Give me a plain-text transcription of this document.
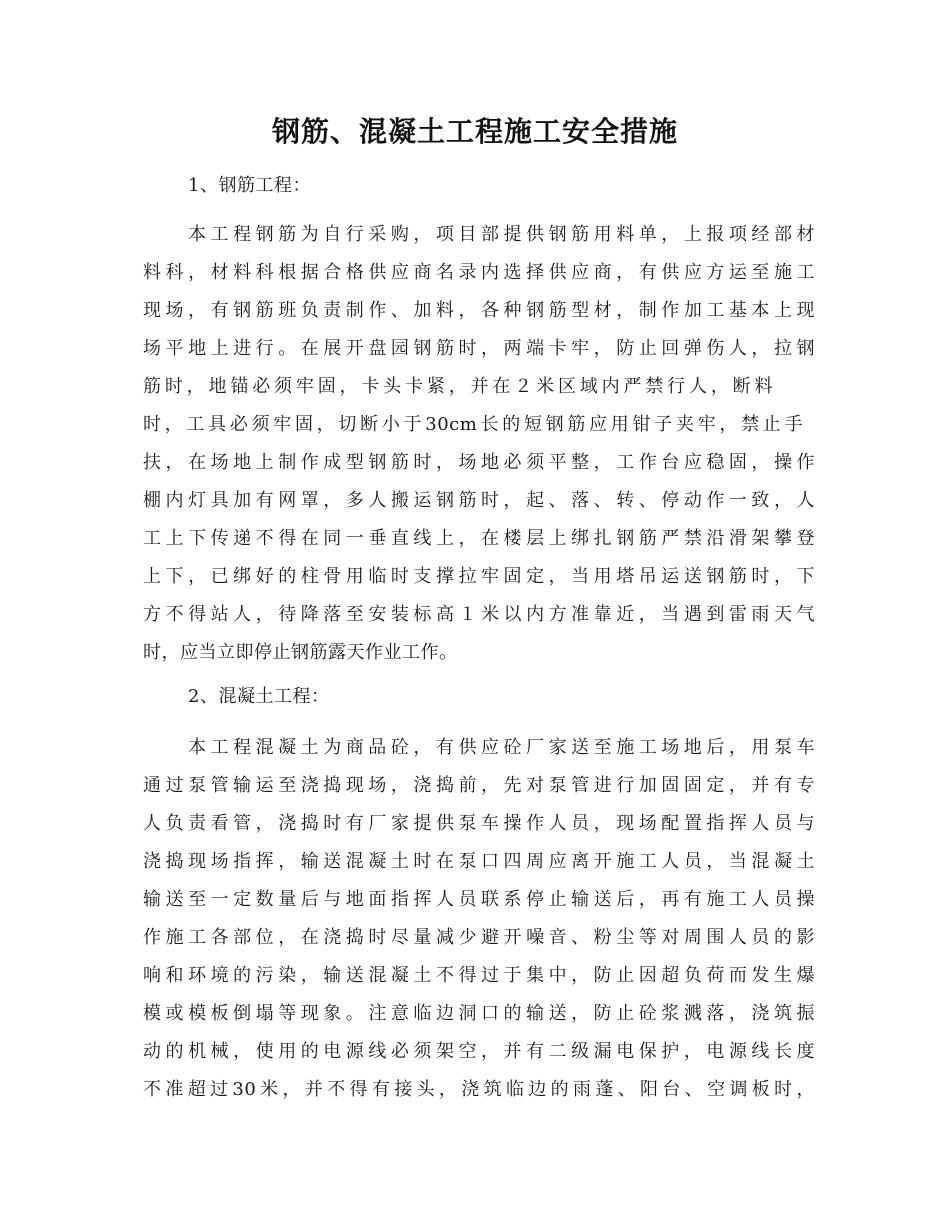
钢筋、混凝土工程施工安全措施
1、钢筋工程：
本工程钢筋为自行采购，项目部提供钢筋用料单，上报项经部材
料科，材料科根据合格供应商名录内选择供应商，有供应方运至施工
现场，有钢筋班负责制作、加料，各种钢筋型材，制作加工基本上现
场平地上进行。在展开盘园钢筋时，两端卡牢，防止回弹伤人，拉钢
筋时，地锚必须牢固，卡头卡紧，并在２米区域内严禁行人，断料
时，工具必须牢固，切断小于30cm长的短钢筋应用钳子夹牢，禁止手
扶，在场地上制作成型钢筋时，场地必须平整，工作台应稳固，操作
棚内灯具加有网罩，多人搬运钢筋时，起、落、转、停动作一致，人
工上下传递不得在同一垂直线上，在楼层上绑扎钢筋严禁沿滑架攀登
上下，已绑好的柱骨用临时支撑拉牢固定，当用塔吊运送钢筋时，下
方不得站人，待降落至安装标高１米以内方准靠近，当遇到雷雨天气
时，应当立即停止钢筋露天作业工作。
2、混凝土工程：
本工程混凝土为商品砼，有供应砼厂家送至施工场地后，用泵车
通过泵管输运至浇捣现场，浇捣前，先对泵管进行加固固定，并有专
人负责看管，浇捣时有厂家提供泵车操作人员，现场配置指挥人员与
浇捣现场指挥，输送混凝土时在泵口四周应离开施工人员，当混凝土
输送至一定数量后与地面指挥人员联系停止输送后，再有施工人员操
作施工各部位，在浇捣时尽量减少避开噪音、粉尘等对周围人员的影
响和环境的污染，输送混凝土不得过于集中，防止因超负荷而发生爆
模或模板倒塌等现象。注意临边洞口的输送，防止砼浆溅落，浇筑振
动的机械，使用的电源线必须架空，并有二级漏电保护，电源线长度
不准超过30米，并不得有接头，浇筑临边的雨蓬、阳台、空调板时，
